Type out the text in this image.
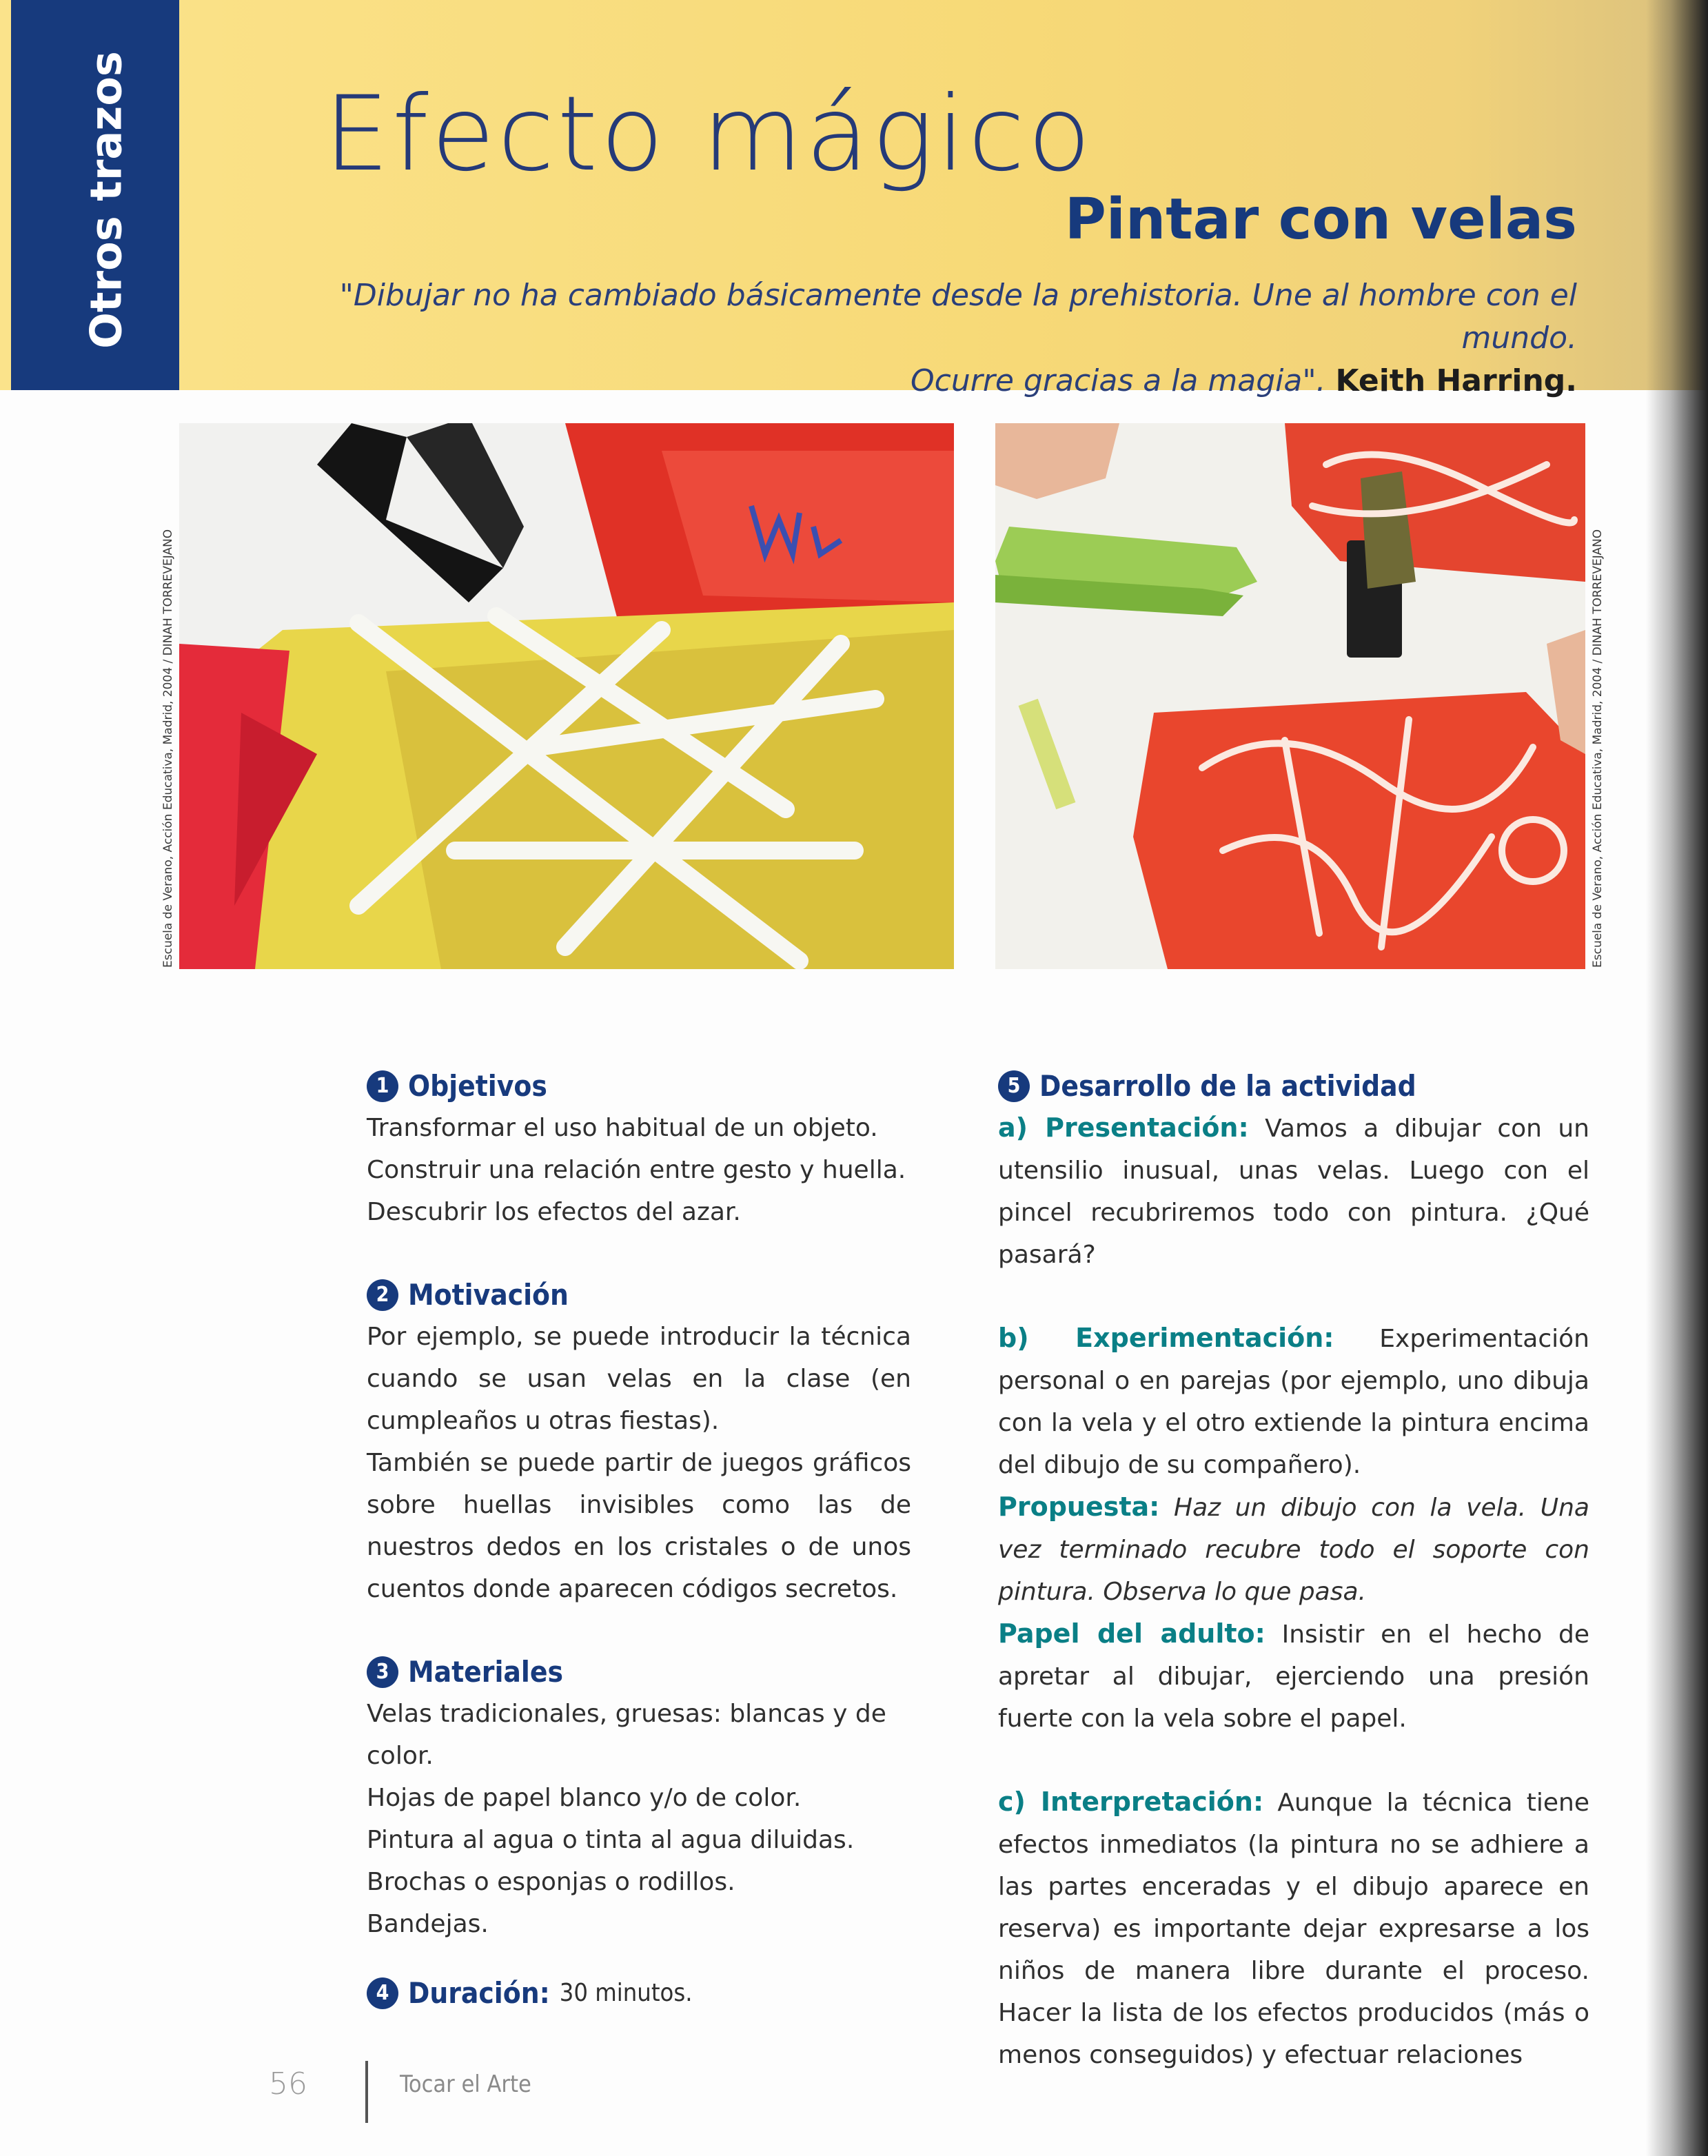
Otros trazos Efecto mágico
Pintar con velas
"Dibujar no ha cambiado básicamente desde la prehistoria. Une al hombre con el mundo.
Ocurre gracias a la magia". Keith Harring.
Escuela de Verano, Acción Educativa, Madrid, 2004 / DINAH TORREVEJANO	Escuela de Verano, Acción Educativa, Madrid, 2004 / DINAH TORREVEJANO
1 Objetivos

Transformar el uso habitual de un objeto.

Construir una relación entre gesto y huella.

Descubrir los efectos del azar.

2 Motivación

Por ejemplo, se puede introducir la técnica cuando se usan velas en la clase (en cumpleaños u otras fiestas).

También se puede partir de juegos gráficos sobre huellas invisibles como las de nuestros dedos en los cristales o de unos cuentos donde aparecen códigos secretos.

3 Materiales

Velas tradicionales, gruesas: blancas y de color.

Hojas de papel blanco y/o de color.

Pintura al agua o tinta al agua diluidas.

Brochas o esponjas o rodillos.

Bandejas.

4 Duración: 30 minutos.
5 Desarrollo de la actividad

a) Presentación: Vamos a dibujar con un utensilio inusual, unas velas. Luego con el pincel recubriremos todo con pintura. ¿Qué pasará?

b) Experimentación: Experimentación personal o en parejas (por ejemplo, uno dibuja con la vela y el otro extiende la pintura encima del dibujo de su compañero).

Propuesta: Haz un dibujo con la vela. Una vez terminado recubre todo el soporte con pintura. Observa lo que pasa.

Papel del adulto: Insistir en el hecho de apretar al dibujar, ejerciendo una presión fuerte con la vela sobre el papel.

c) Interpretación: Aunque la técnica tiene efectos inmediatos (la pintura no se adhiere a las partes enceradas y el dibujo aparece en reserva) es importante dejar expresarse a los niños de manera libre durante el proceso. Hacer la lista de los efectos producidos (más o menos conseguidos) y efectuar relaciones

56	Tocar el Arte
